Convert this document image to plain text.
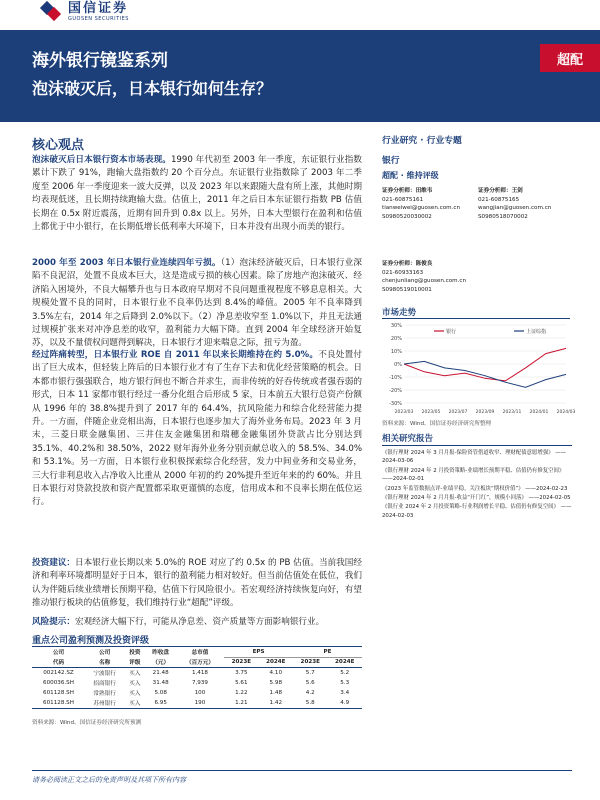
国信证券
GUOSEN SECURITIES
海外银行镜鉴系列
泡沫破灭后，日本银行如何生存？
超配
核心观点
泡沫破灭后日本银行资本市场表现。1990 年代初至 2003 年一季度，东证银行业指数累计下跌了 91%，跑输大盘指数约 20 个百分点。东证银行业指数除了 2003 年二季度至 2006 年一季度迎来一波大反弹，以及 2023 年以来跟随大盘有所上涨，其他时期均表现低迷，且长期持续跑输大盘。估值上，2011 年之后日本东证银行指数 PB 估值长期在 0.5x 附近震荡，近期有回升到 0.8x 以上。另外，日本大型银行在盈利和估值上都优于中小银行，在长期低增长低利率大环境下，日本并没有出现小而美的银行。
2000 年至 2003 年日本银行业连续四年亏损。（1）泡沫经济破灭后，日本银行业深陷不良泥沼，处置不良成本巨大，这是造成亏损的核心因素。除了房地产泡沫破灭、经济陷入困境外，不良大幅攀升也与日本政府早期对不良问题重视程度不够息息相关。大规模处置不良的同时，日本银行业不良率仍达到 8.4%的峰值。2005 年不良率降到 3.5%左右，2014 年之后降到 2.0%以下。（2）净息差收窄至 1.0%以下，并且无法通过规模扩张来对冲净息差的收窄，盈利能力大幅下降。直到 2004 年全球经济开始复苏，以及不量债权问题得到解决，日本银行才迎来喘息之际，扭亏为盈。
经过阵痛转型，日本银行业 ROE 自 2011 年以来长期维持在约 5.0%。不良处置付出了巨大成本，但轻装上阵后的日本银行业才有了生存下去和优化经营策略的机会。日本都市银行强强联合，地方银行间也不断合并求生，而非传统的好吞传统或者强吞弱的形式，日本 11 家都市银行经过一番分化组合后形成 5 家，日本前五大银行总资产份额从 1996 年的 38.8%提升到了 2017 年的 64.4%，抗风险能力和综合化经营能力提升。一方面，伴随企业竞相出海，日本银行也逐步加大了海外业务布局。2023 年 3 月末，三菱日联金融集团、三井住友金融集团和瑞穗金融集团外贷款占比分别达到 35.1%、40.2%和 38.50%，2022 财年海外业务分别贡献总收入的 58.5%、34.0%和 53.1%。另一方面，日本银行业积极探索综合化经营，发力中间业务和交易业务，三大行非利息收入占净收入比重从 2000 年初的约 20%提升至近年来的约 60%。并且日本银行对贷款投放和资产配置都采取更谨慎的态度，信用成本和不良率长期在低位运行。
投资建议：日本银行业长期以来 5.0%的 ROE 对应了约 0.5x 的 PB 估值。当前我国经济和利率环境都明显好于日本，银行的盈利能力相对较好。但当前估值处在低位，我们认为伴随后续业绩增长预期平稳，估值下行风险很小。若宏观经济持续恢复向好，有望推动银行板块的估值修复，我们维持行业“超配”评级。
风险提示：宏观经济大幅下行，可能从净息差、资产质量等方面影响银行业。
重点公司盈利预测及投资评级
公司	公司	投资	昨收盘	总市值	EPS		PE	
代码	名称	评级	（元）	（百万元）	2023E	2024E	2023E	2024E
002142.SZ	宁波银行	买入	21.48	1,418	3.75	4.10	5.7	5.2
600036.SH	招商银行	买入	31.48	7,939	5.61	5.98	5.6	5.3
601128.SH	常熟银行	买入	5.08	100	1.22	1.48	4.2	3.4
601128.SH	苏州银行	买入	6.95	190	1.21	1.42	5.8	4.9
资料来源：Wind、国信证券经济研究所预测
行业研究 · 行业专题
银行
超配 · 维持评级
证券分析师：田维韦	证券分析师：王剑
021-60875161	021-60875165
tianweiwei@guosen.com.cn	wangjian@guosen.com.cn
S0980520030002	S0980518070002
证券分析师：陈俊良
021-60933163
chenjunliang@guosen.com.cn
S0980519010001
市场走势
30%
20%
10%
0%
-10%
-20%
-30%
2023/03 2023/05 2023/07 2023/09 2023/11 2024/01 2024/03
银行	上证综指
资料来源：Wind、国信证券经济研究所整理
相关研究报告
《银行理财 2024 年 3 月月报-保险资管借道收窄、理财配债意愿增强》 ——2024-03-06
《银行理财 2024 年 2 月投资策略-业绩增长预期平稳、估值仍有修复空间》 ——2024-02-01
《2023 年监管数据点评-业绩平稳，关注板块“期权价值”》 ——2024-02-23
《银行理财 2024 年 2 月月报-收益“开门红”，规模小回落》 ——2024-02-05
《银行业 2024 年 2 月投资策略-行业利润增长平稳、估值仍有修复空间》 ——2024-02-03
请务必阅读正文之后的免责声明及其项下所有内容
